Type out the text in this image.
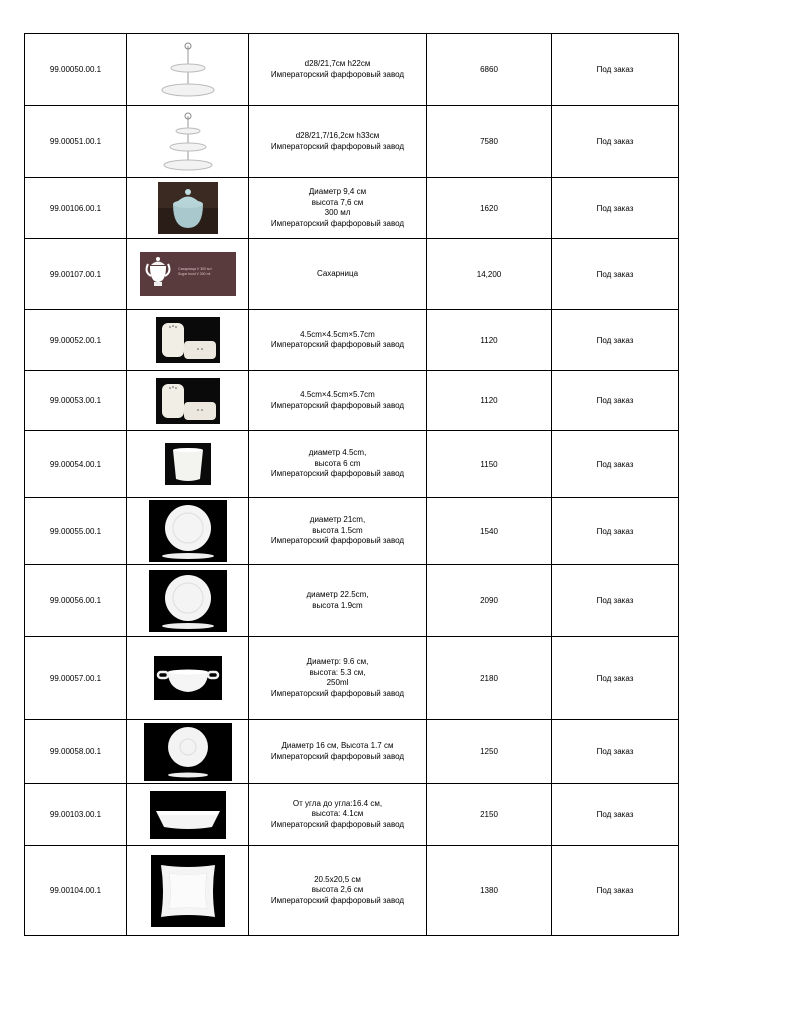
99.00050.00.1		d28/21,7см h22см
Императорский фарфоровый завод	6860	Под заказ
99.00051.00.1		d28/21,7/16,2см h33см
Императорский фарфоровый завод	7580	Под заказ
99.00106.00.1		Диаметр 9,4 см
высота 7,6 см
300 мл
Императорский фарфоровый завод	1620	Под заказ
99.00107.00.1	Сахарница V 300 мл
Sugar bowl V 300 ml	Сахарница	14,200	Под заказ
99.00052.00.1		4.5cm×4.5cm×5.7cm
Императорский фарфоровый завод	1120	Под заказ
99.00053.00.1		4.5cm×4.5cm×5.7cm
Императорский фарфоровый завод	1120	Под заказ
99.00054.00.1		диаметр 4.5cm,
высота 6 cm
Императорский фарфоровый завод	1150	Под заказ
99.00055.00.1		диаметр 21cm,
высота 1.5cm
Императорский фарфоровый завод	1540	Под заказ
99.00056.00.1		диаметр 22.5cm,
высота 1.9cm	2090	Под заказ
99.00057.00.1		Диаметр: 9.6 см,
высота: 5.3 см,
250ml
Императорский фарфоровый завод	2180	Под заказ
99.00058.00.1		Диаметр 16 см, Высота 1.7 см
Императорский фарфоровый завод	1250	Под заказ
99.00103.00.1		От угла до угла:16.4 см,
высота: 4.1см
Императорский фарфоровый завод	2150	Под заказ
99.00104.00.1		20.5x20,5 см
высота 2,6 см
Императорский фарфоровый завод	1380	Под заказ
